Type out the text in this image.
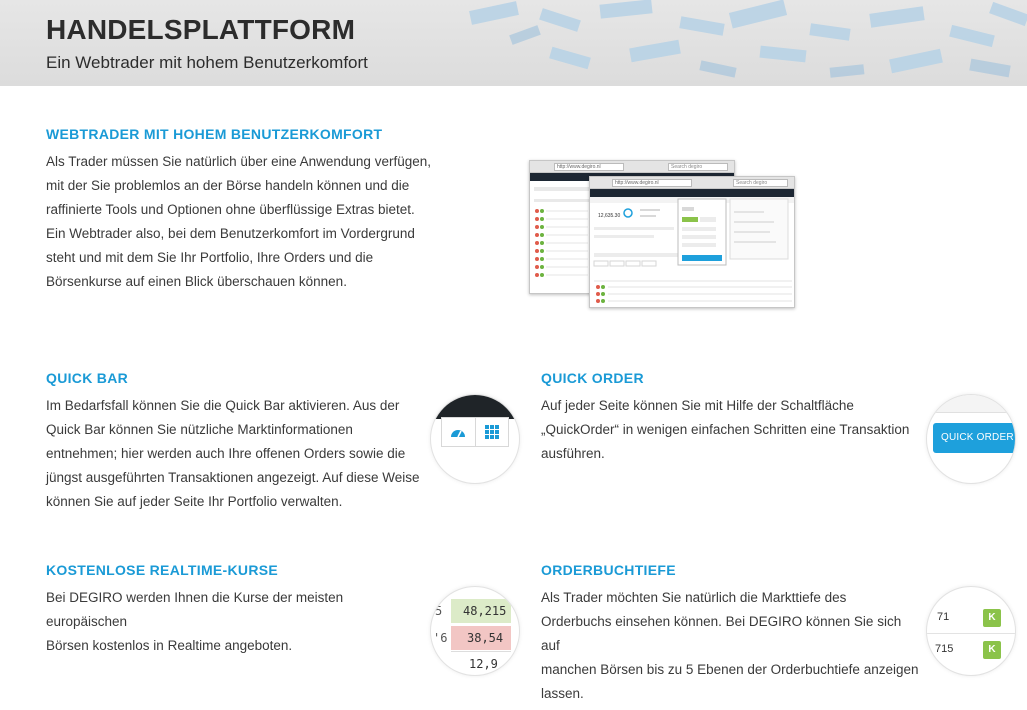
HANDELSPLATTFORM
Ein Webtrader mit hohem Benutzerkomfort
WEBTRADER MIT HOHEM BENUTZERKOMFORT
Als Trader müssen Sie natürlich über eine Anwendung verfügen,
mit der Sie problemlos an der Börse handeln können und die
raffinierte Tools und Optionen ohne überflüssige Extras bietet.
Ein Webtrader also, bei dem Benutzerkomfort im Vordergrund
steht und mit dem Sie Ihr Portfolio, Ihre Orders und die
Börsenkurse auf einen Blick überschauen können.
http://www.degiro.nl	Search degiro
http://www.degiro.nl	Search degiro
12,635.30
QUICK BAR
Im Bedarfsfall können Sie die Quick Bar aktivieren. Aus der
Quick Bar können Sie nützliche Marktinformationen
entnehmen; hier werden auch Ihre offenen Orders sowie die
jüngst ausgeführten Transaktionen angezeigt. Auf diese Weise
können Sie auf jeder Seite Ihr Portfolio verwalten.
QUICK ORDER
Auf jeder Seite können Sie mit Hilfe der Schaltfläche
„QuickOrder“ in wenigen einfachen Schritten eine Transaktion
ausführen.
QUICK ORDER
KOSTENLOSE REALTIME-KURSE
Bei DEGIRO werden Ihnen die Kurse der meisten europäischen
Börsen kostenlos in Realtime angeboten.
48,215
5
38,54
'6
12,9
ORDERBUCHTIEFE
Als Trader möchten Sie natürlich die Markttiefe des
Orderbuchs einsehen können. Bei DEGIRO können Sie sich auf
manchen Börsen bis zu 5 Ebenen der Orderbuchtiefe anzeigen
lassen.
71	K
715	K
